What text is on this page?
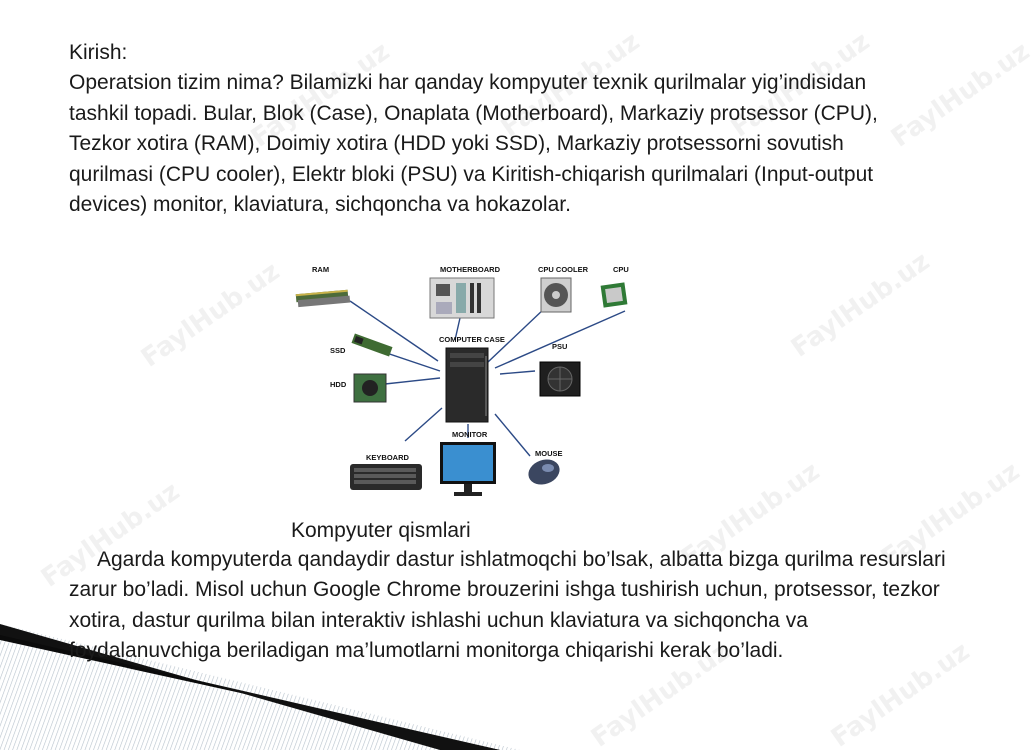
FaylHub.uz	FaylHub.uz	FaylHub.uz FaylHub.uz
FaylHub.uz	FaylHub.uz
FaylHub.uz	FaylHub.uz FaylHub.uz
FaylHub.uz	FaylHub.uz

Kirish:

Operatsion tizim nima? Bilamizki har qanday kompyuter texnik qurilmalar yig’indisidan tashkil topadi. Bular, Blok (Case), Onaplata (Motherboard), Markaziy protsessor (CPU), Tezkor xotira (RAM), Doimiy xotira (HDD yoki SSD), Markaziy protsessorni sovutish qurilmasi (CPU cooler), Elektr bloki (PSU) va Kiritish-chiqarish qurilmalari (Input-output devices) monitor, klaviatura, sichqoncha va hokazolar.

RAM	MOTHERBOARD	CPU COOLER	CPU
SSD
HDD
COMPUTER CASE
PSU
KEYBOARD
MONITOR
MOUSE
Kompyuter qismlari

Agarda kompyuterda qandaydir dastur ishlatmoqchi bo’lsak, albatta bizga qurilma resurslari zarur bo’ladi. Misol uchun Google Chrome brouzerini ishga tushirish uchun, protsessor, tezkor xotira, dastur qurilma bilan interaktiv ishlashi uchun klaviatura va sichqoncha va foydalanuvchiga beriladigan ma’lumotlarni monitorga chiqarishi kerak bo’ladi.
